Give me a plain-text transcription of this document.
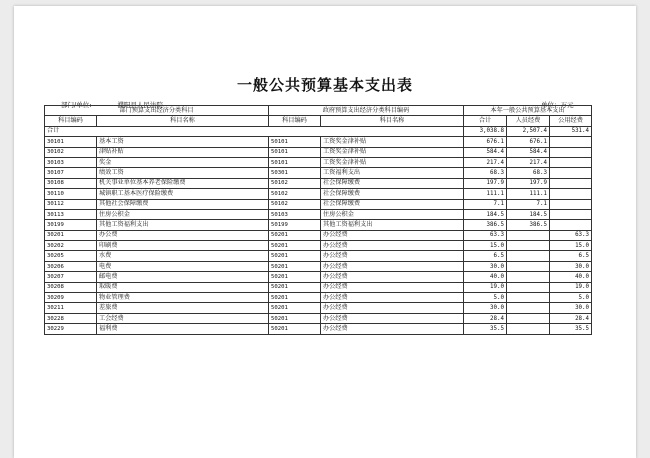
一般公共预算基本支出表
部门/单位:	濮阳县人民法院	单位：万元
部门预算支出经济分类科目		政府预算支出经济分类科目编码		本年一般公共预算基本支出		
科目编码	科目名称	科目编码	科目名称	合计	人员经费	公用经费
合计				3,038.8	2,507.4	531.4
30101	基本工资	50101	工资奖金津补贴	676.1	676.1	
30102	津贴补贴	50101	工资奖金津补贴	584.4	584.4	
30103	奖金	50101	工资奖金津补贴	217.4	217.4	
30107	绩效工资	50301	工资福利支出	68.3	68.3	
30108	机关事业单位基本养老保险缴费	50102	社会保障缴费	197.9	197.9	
30110	城镇职工基本医疗保险缴费	50102	社会保障缴费	111.1	111.1	
30112	其他社会保障缴费	50102	社会保障缴费	7.1	7.1	
30113	住房公积金	50103	住房公积金	184.5	184.5	
30199	其他工资福利支出	50199	其他工资福利支出	386.5	386.5	
30201	办公费	50201	办公经费	63.3		63.3
30202	印刷费	50201	办公经费	15.0		15.0
30205	水费	50201	办公经费	6.5		6.5
30206	电费	50201	办公经费	30.0		30.0
30207	邮电费	50201	办公经费	40.0		40.0
30208	取暖费	50201	办公经费	19.0		19.0
30209	物业管理费	50201	办公经费	5.0		5.0
30211	差旅费	50201	办公经费	30.0		30.0
30228	工会经费	50201	办公经费	28.4		28.4
30229	福利费	50201	办公经费	35.5		35.5
